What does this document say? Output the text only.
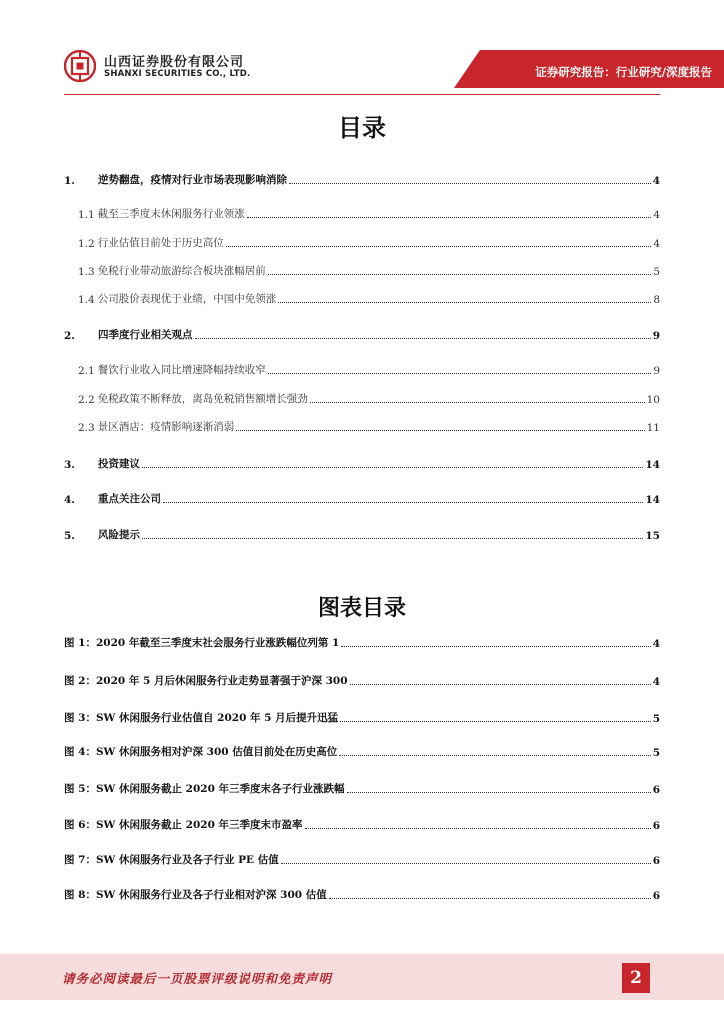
山西证券股份有限公司
SHANXI SECURITIES CO., LTD.	证券研究报告：行业研究/深度报告
目录
1.	逆势翻盘，疫情对行业市场表现影响消除	4
1.1 截至三季度末休闲服务行业领涨	4
1.2 行业估值目前处于历史高位	4
1.3 免税行业带动旅游综合板块涨幅居前	5
1.4 公司股价表现优于业绩，中国中免领涨	8
2.	四季度行业相关观点	9
2.1 餐饮行业收入同比增速降幅持续收窄	9
2.2 免税政策不断释放，离岛免税销售额增长强劲	10
2.3 景区酒店：疫情影响逐渐消弱	11
3.	投资建议	14
4.	重点关注公司	14
5.	风险提示	15
图表目录
图 1：2020 年截至三季度末社会服务行业涨跌幅位列第 1	4
图 2：2020 年 5 月后休闲服务行业走势显著强于沪深 300	4
图 3：SW 休闲服务行业估值自 2020 年 5 月后提升迅猛	5
图 4：SW 休闲服务相对沪深 300 估值目前处在历史高位	5
图 5：SW 休闲服务截止 2020 年三季度末各子行业涨跌幅	6
图 6：SW 休闲服务截止 2020 年三季度末市盈率	6
图 7：SW 休闲服务行业及各子行业 PE 估值	6
图 8：SW 休闲服务行业及各子行业相对沪深 300 估值	6
请务必阅读最后一页股票评级说明和免责声明	2
